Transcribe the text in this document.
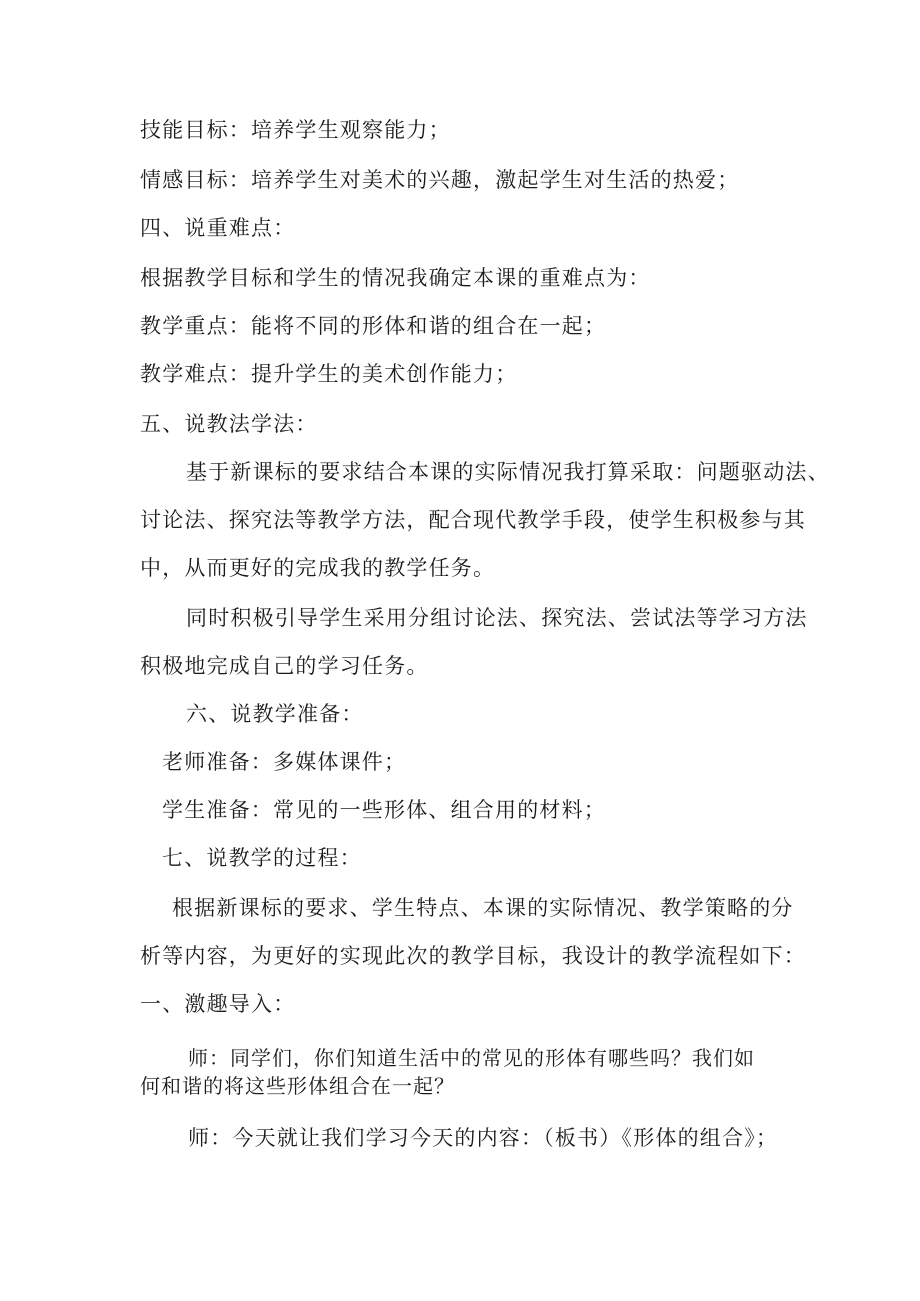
技能目标：培养学生观察能力；
情感目标：培养学生对美术的兴趣，激起学生对生活的热爱；
四、说重难点：
根据教学目标和学生的情况我确定本课的重难点为：
教学重点：能将不同的形体和谐的组合在一起；
教学难点：提升学生的美术创作能力；
五、说教法学法：
基于新课标的要求结合本课的实际情况我打算采取：问题驱动法、
讨论法、探究法等教学方法，配合现代教学手段，使学生积极参与其
中，从而更好的完成我的教学任务。
同时积极引导学生采用分组讨论法、探究法、尝试法等学习方法
积极地完成自己的学习任务。
六、说教学准备：
老师准备：多媒体课件；
学生准备：常见的一些形体、组合用的材料；
七、说教学的过程：
根据新课标的要求、学生特点、本课的实际情况、教学策略的分
析等内容，为更好的实现此次的教学目标，我设计的教学流程如下：
一、激趣导入：
师：同学们，你们知道生活中的常见的形体有哪些吗？我们如
何和谐的将这些形体组合在一起？
师：今天就让我们学习今天的内容：（板书）《形体的组合》；
